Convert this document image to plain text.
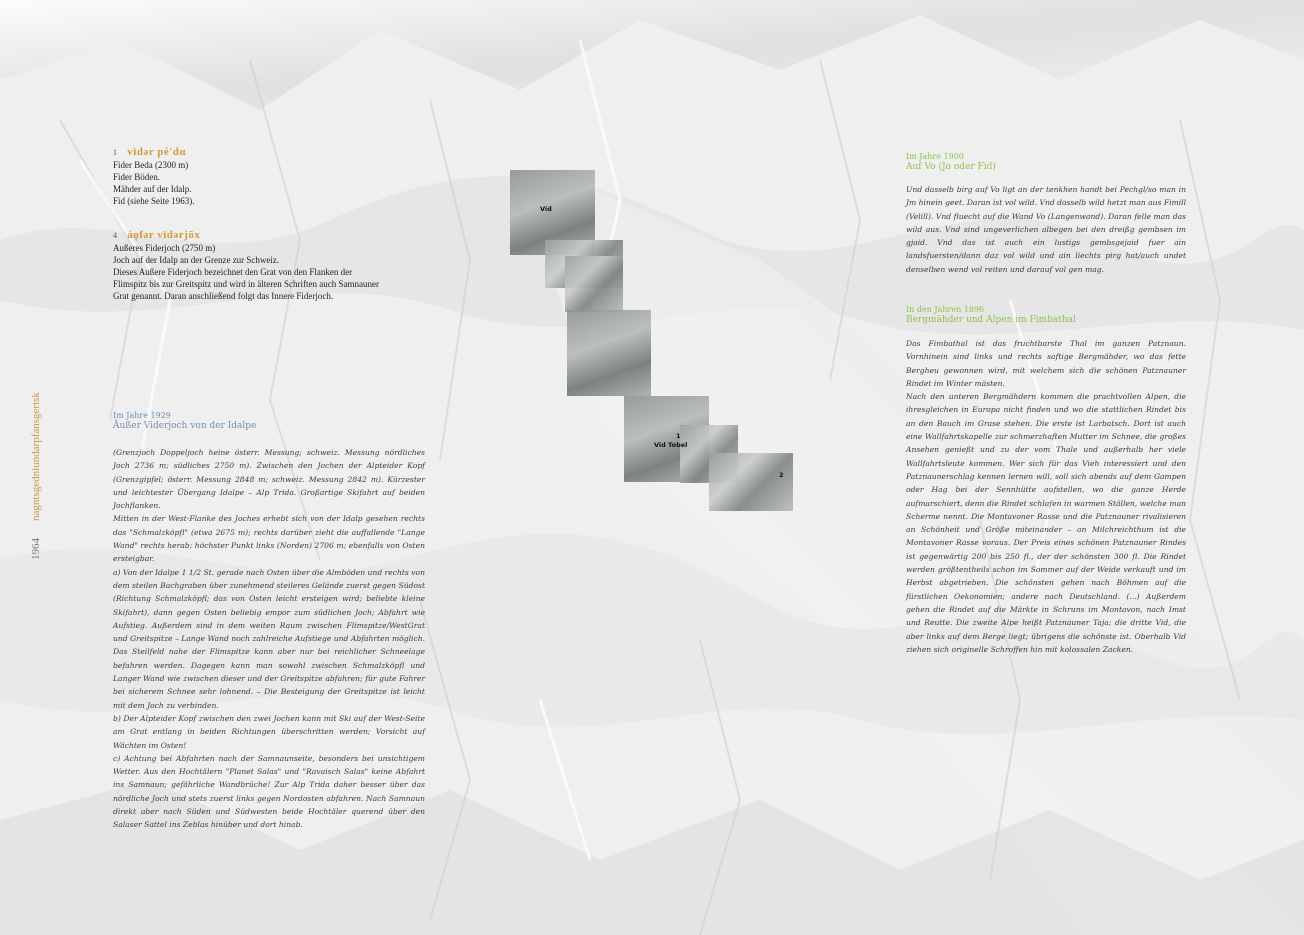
1964 nagntsgedniundarpfansgertsk
1 vīdər pé'dα
Fider Beda (2300 m)
Fider Böden.
Mähder auf der Idalp.
Fid (siehe Seite 1963).
4 áǫfər vīdərjōx
Außeres Fiderjoch (2750 m)
Joch auf der Idalp an der Grenze zur Schweiz.
Dieses Außere Fiderjoch bezeichnet den Grat von den Flanken der
Flimspitz bis zur Greitspitz und wird in älteren Schriften auch Samnauner
Grat genannt. Daran anschließend folgt das Innere Fiderjoch.
Im Jahre 1929
Äußer Viderjoch von der Idalpe
(Grenzjoch Doppeljoch heine österr. Messung; schweiz. Messung nördliches Joch 2736 m; südliches 2750 m). Zwischen den Jochen der Alpteider Kopf (Grenzgipfel; österr. Messung 2848 m; schweiz. Messung 2842 m). Kürzester und leichtester Übergang Idalpe – Alp Trida. Großartige Skifahrt auf beiden Jochflanken.
Mitten in der West-Flanke des Joches erhebt sich von der Idalp gesehen rechts das "Schmalzköpfl" (etwa 2675 m); rechts darüber zieht die auffallende "Lange Wand" rechts herab; höchster Punkt links (Norden) 2706 m; ebenfalls von Osten ersteigbar.
a) Von der Idalpe 1 1/2 St. gerade nach Osten über die Almböden und rechts von dem steilen Bachgraben über zunehmend steileres Gelände zuerst gegen Südost (Richtung Schmalzköpfl; das von Osten leicht ersteigen wird; beliebte kleine Skifahrt), dann gegen Osten beliebig empor zum südlichen Joch; Abfahrt wie Aufstieg. Außerdem sind in dem weiten Raum zwischen Flimspitze/WestGrat und Greitspitze – Lange Wand noch zahlreiche Aufstiege und Abfahrten möglich. Das Steilfeld nahe der Flimspitze kann aber nur bei reichlicher Schneelage befahren werden. Dagegen kann man sowohl zwischen Schmalzköpfl und Langer Wand wie zwischen dieser und der Greitspitze abfahren; für gute Fahrer bei sicherem Schnee sehr lohnend. – Die Besteigung der Greitspitze ist leicht mit dem Joch zu verbinden.
b) Der Alpteider Kopf zwischen den zwei Jochen kann mit Ski auf der West-Seite am Grat entlang in beiden Richtungen überschritten werden; Vorsicht auf Wächten im Osten!
c) Achtung bei Abfahrten nach der Samnaunseite, besonders bei unsichtigem Wetter. Aus den Hochtälern "Planet Salas" und "Ravaisch Salas" keine Abfahrt ins Samnaun; gefährliche Wandbrüche! Zur Alp Trida daher besser über das nördliche Joch und stets zuerst links gegen Nordosten abfahren. Nach Samnaun direkt aber nach Süden und Südwesten beide Hochtäler querend über den Salaser Sattel ins Zeblas hinüber und dort hinab.
Vid
1
Vid Tobel
2
Im Jahre 1900
Auf Vo (Jo oder Fid)
Und dasselb birg auf Vo ligt an der tenkhen handt bei Pechgl/so man in Jm hinein geet. Daran ist vol wild. Vnd dasselb wild hetzt man aus Fimill (Velill). Vnd fluecht auf die Wand Vo (Langenwand). Daran felle man das wild aus. Vnd sind ungeverlichen albegen bei den dreißg gembsen im gjaid. Vnd das ist auch ein lustigs gembsgejaid fuer ain landsfuersten/dann daz vol wild und ain liechts pirg hat/auch undet denselben wend vol reiten und darauf vol gen mag.
In den Jahren 1896
Bergmähder und Alpen im Fimbathal
Das Fimbathal ist das fruchtbarste Thal im ganzen Patznaun. Vornhinein sind links und rechts saftige Bergmähder, wo das fette Bergheu gewonnen wird, mit welchem sich die schönen Patznauner Rindet im Winter mästen.
Nach den unteren Bergmähdern kommen die prachtvollen Alpen, die ihresgleichen in Europa nicht finden und wo die stattlichen Rindet bis an den Bauch im Grase stehen. Die erste ist Larbatsch. Dort ist auch eine Wallfahrtskapelle zur schmerzhaften Mutter im Schnee, die großes Ansehen genießt und zu der vom Thale und außerhalb her viele Wallfahrtsleute kommen. Wer sich für das Vieh interessiert und den Patznaunerschlag kennen lernen will, soll sich abends auf dem Gampen oder Hag bei der Sennhütte aufstellen, wo die ganze Herde aufmarschiert, denn die Rindet schlafen in warmen Ställen, welche man Scherme nennt. Die Montavoner Rasse und die Patznauner rivalisieren an Schönheit und Größe miteinander – an Milchreichthum ist die Montavoner Rasse voraus. Der Preis eines schönen Patznauner Rindes ist gegenwärtig 200 bis 250 fl., der der schönsten 300 fl. Die Rindet werden größtentheils schon im Sommer auf der Weide verkauft und im Herbst abgetrieben. Die schönsten gehen nach Böhmen auf die fürstlichen Oekonomien; andere nach Deutschland. (...) Außerdem gehen die Rindet auf die Märkte in Schruns im Montavon, nach Imst und Reutte. Die zweite Alpe heißt Patznauner Taja; die dritte Vid, die aber links auf dem Berge liegt; übrigens die schönste ist. Oberhalb Vid ziehen sich originelle Schroffen hin mit kolossalen Zacken.
